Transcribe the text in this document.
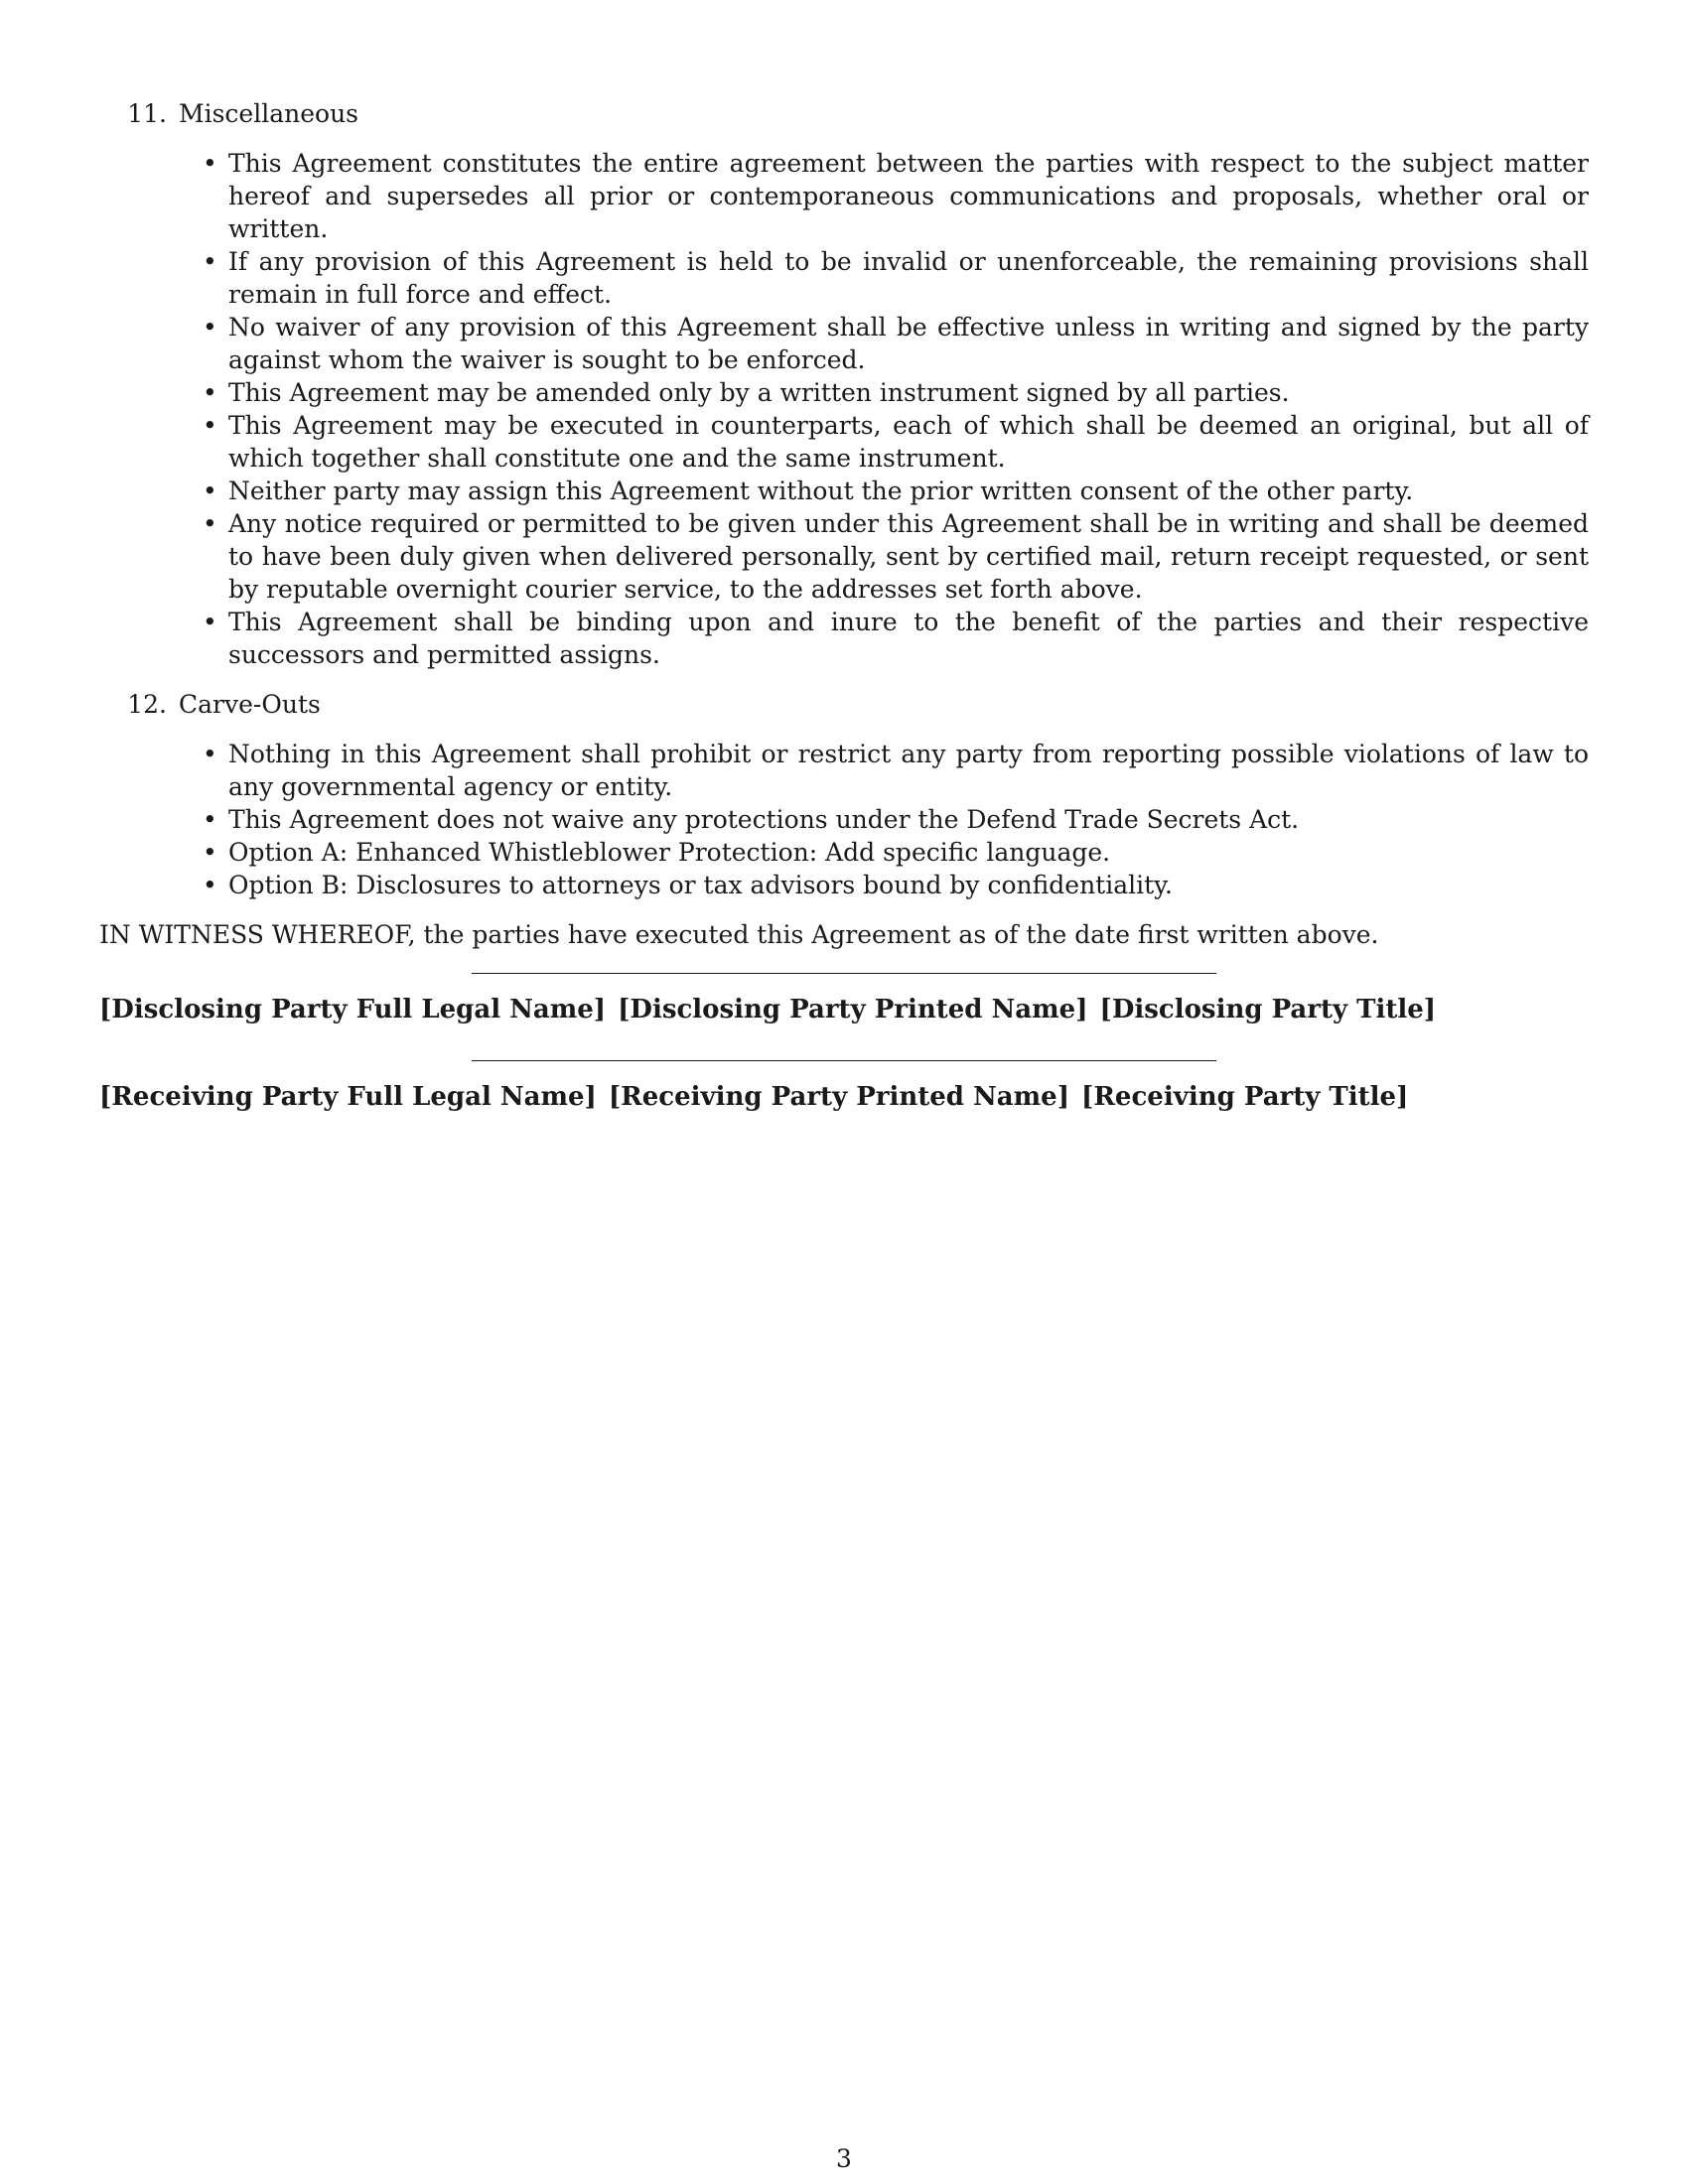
11. Miscellaneous
• This Agreement constitutes the entire agreement between the parties with respect to the subject matter hereof and supersedes all prior or contemporaneous communications and proposals, whether oral or written.
• If any provision of this Agreement is held to be invalid or unenforceable, the remaining provisions shall remain in full force and effect.
• No waiver of any provision of this Agreement shall be effective unless in writing and signed by the party against whom the waiver is sought to be enforced.
• This Agreement may be amended only by a written instrument signed by all parties.
• This Agreement may be executed in counterparts, each of which shall be deemed an original, but all of which together shall constitute one and the same instrument.
• Neither party may assign this Agreement without the prior written consent of the other party.
• Any notice required or permitted to be given under this Agreement shall be in writing and shall be deemed to have been duly given when delivered personally, sent by certified mail, return receipt requested, or sent by reputable overnight courier service, to the addresses set forth above.
• This Agreement shall be binding upon and inure to the benefit of the parties and their respective successors and permitted assigns.
12. Carve-Outs
• Nothing in this Agreement shall prohibit or restrict any party from reporting possible violations of law to any governmental agency or entity.
• This Agreement does not waive any protections under the Defend Trade Secrets Act.
• Option A: Enhanced Whistleblower Protection: Add specific language.
• Option B: Disclosures to attorneys or tax advisors bound by confidentiality.

IN WITNESS WHEREOF, the parties have executed this Agreement as of the date first written above.

[Disclosing Party Full Legal Name] [Disclosing Party Printed Name] [Disclosing Party Title]
[Receiving Party Full Legal Name] [Receiving Party Printed Name] [Receiving Party Title]
3
